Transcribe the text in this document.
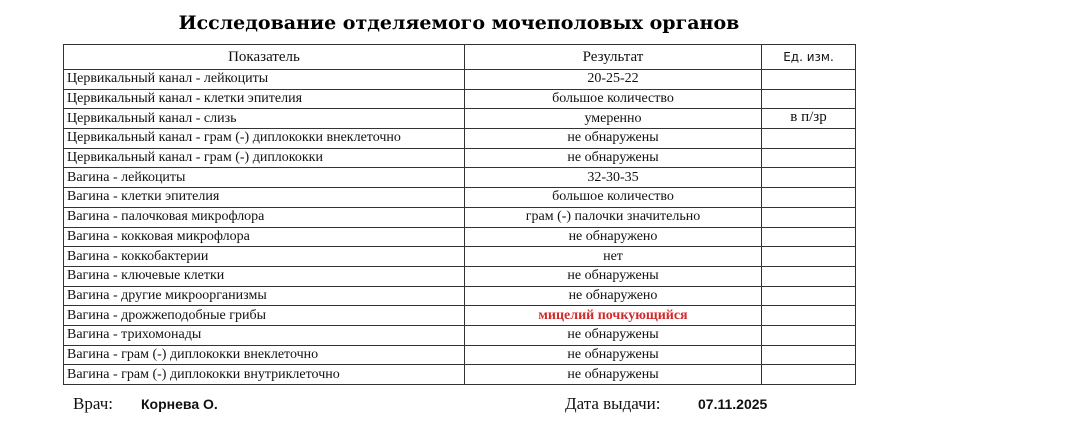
Исследование отделяемого мочеполовых органов
Показатель	Результат	Ед. изм.
Цервикальный канал - лейкоциты	20-25-22	
Цервикальный канал - клетки эпителия	большое количество	
Цервикальный канал - слизь	умеренно	в п/зр
Цервикальный канал - грам (-) диплококки внеклеточно	не обнаружены	
Цервикальный канал - грам (-) диплококки	не обнаружены	
Вагина - лейкоциты	32-30-35	
Вагина - клетки эпителия	большое количество	
Вагина - палочковая микрофлора	грам (-) палочки значительно	
Вагина - кокковая микрофлора	не обнаружено	
Вагина - коккобактерии	нет	
Вагина - ключевые клетки	не обнаружены	
Вагина - другие микроорганизмы	не обнаружено	
Вагина - дрожжеподобные грибы	мицелий почкующийся	
Вагина - трихомонады	не обнаружены	
Вагина - грам (-) диплококки внеклеточно	не обнаружены	
Вагина - грам (-) диплококки внутриклеточно	не обнаружены	
Врач: Корнева О.	Дата выдачи:	07.11.2025
